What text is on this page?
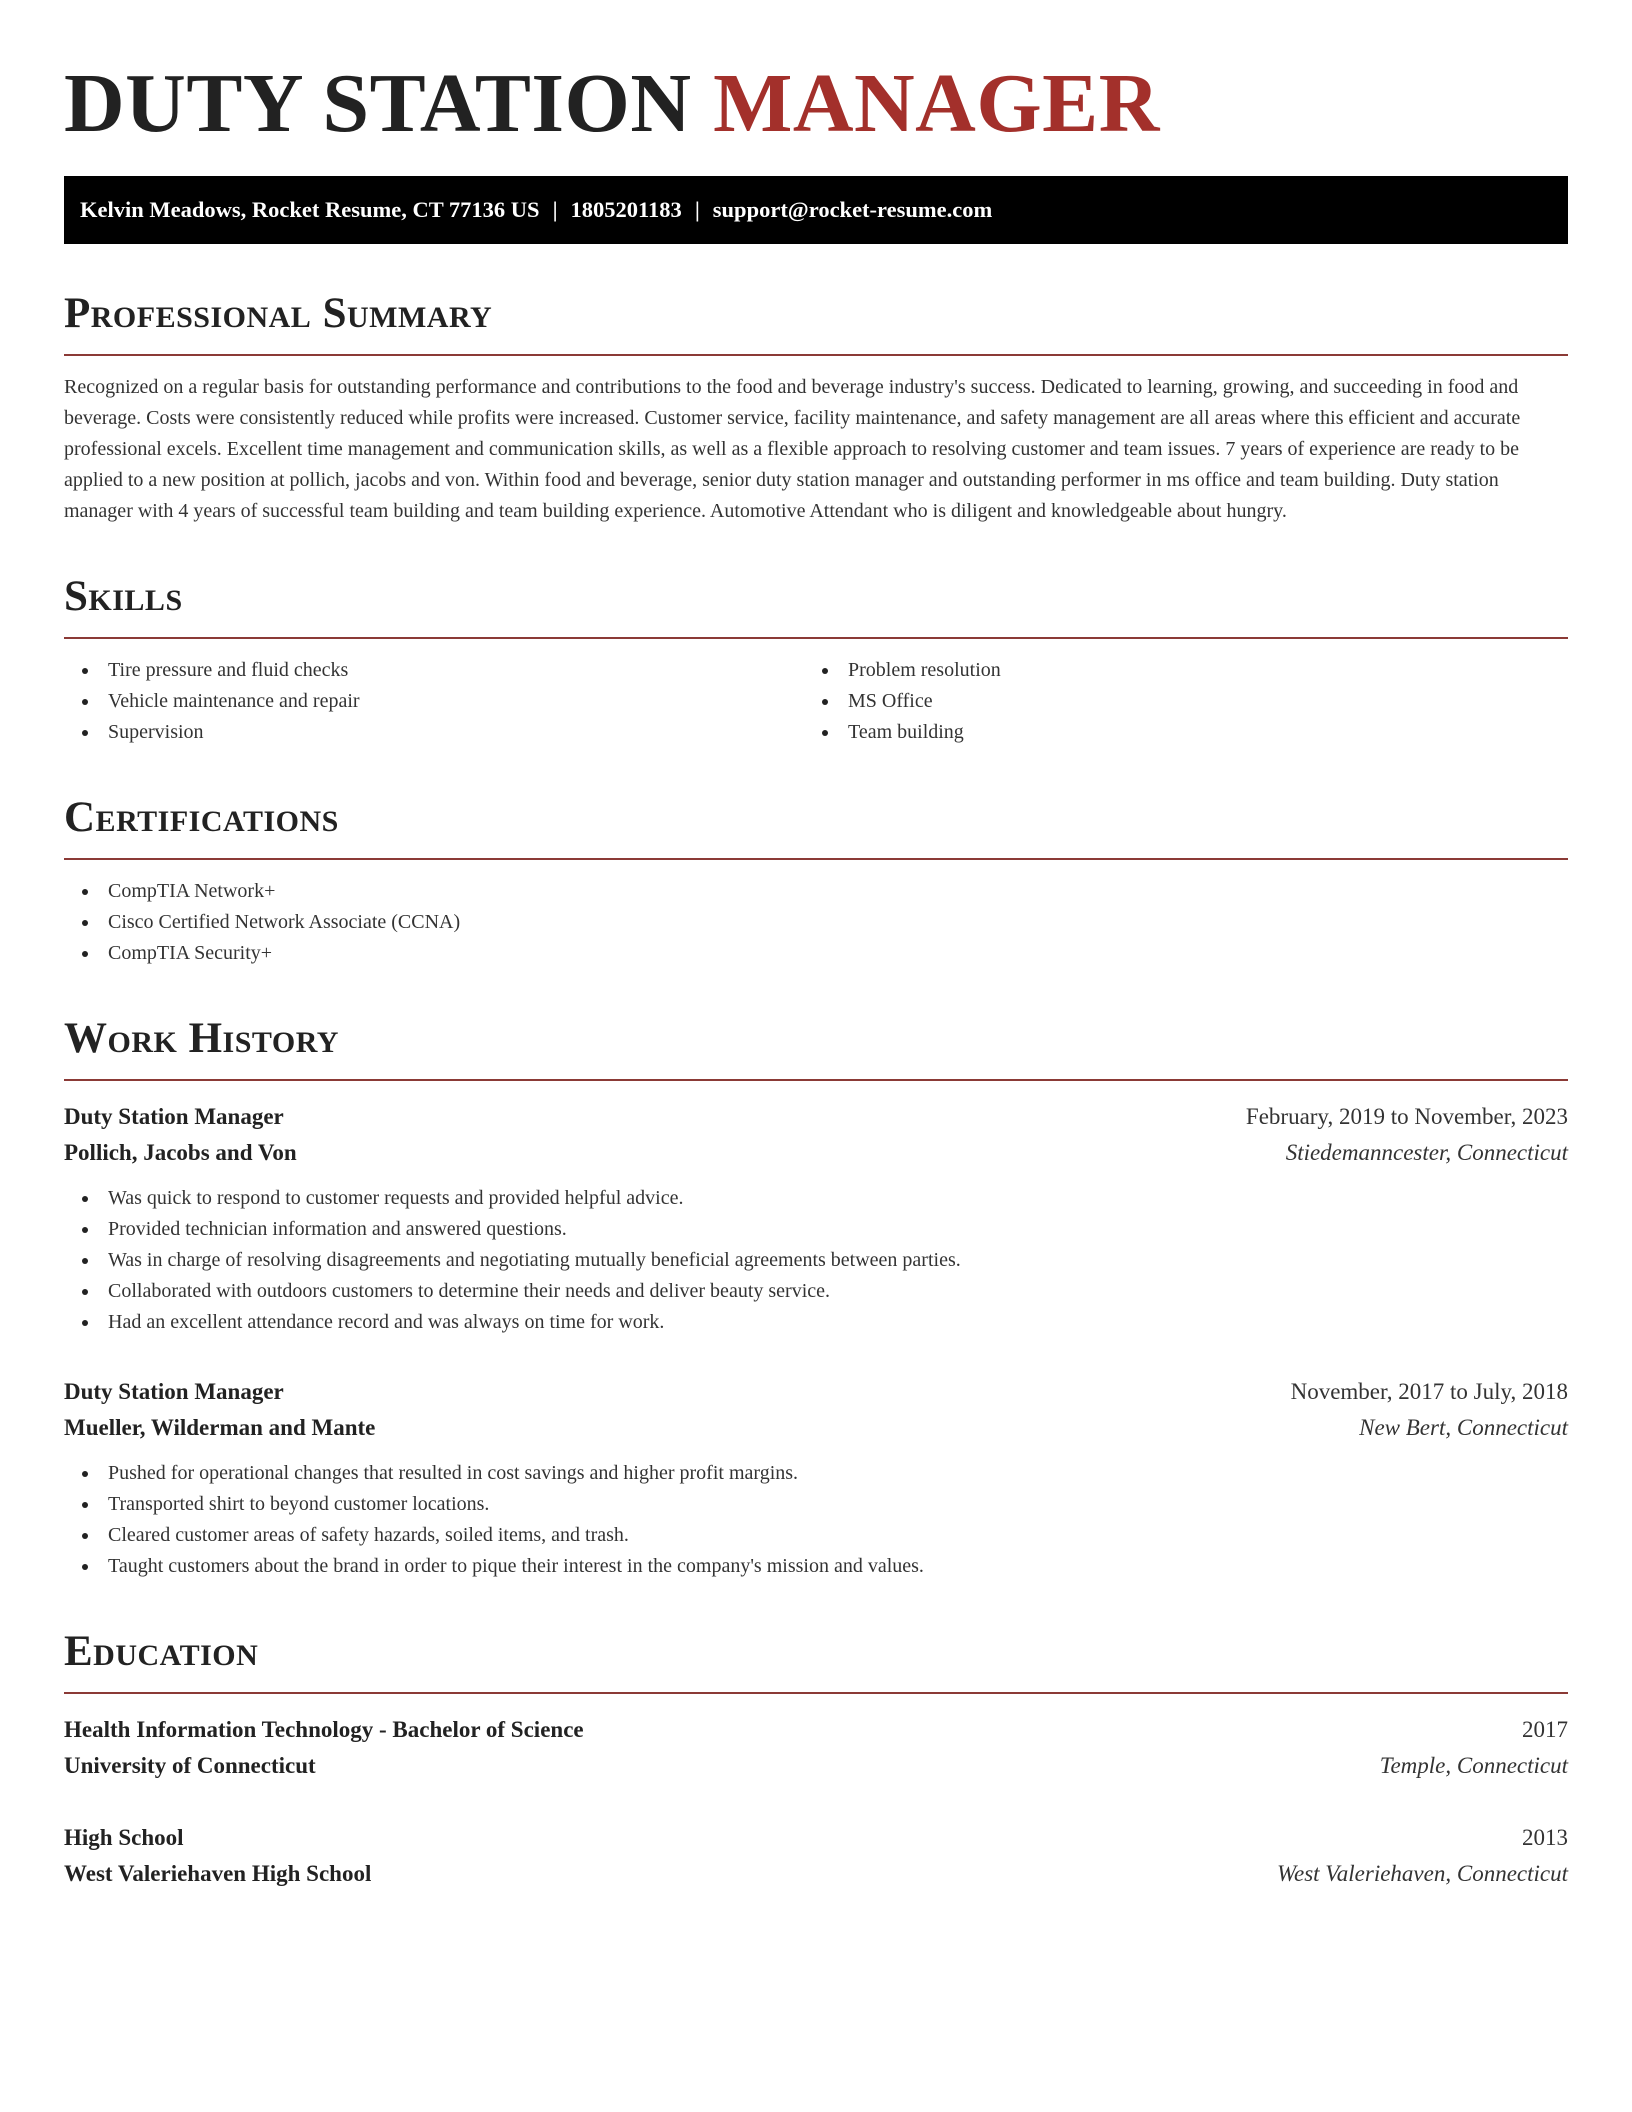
DUTY STATION MANAGER
Kelvin Meadows, Rocket Resume, CT 77136 US | 1805201183 | support@rocket-resume.com
Professional Summary

Recognized on a regular basis for outstanding performance and contributions to the food and beverage industry's success. Dedicated to learning, growing, and succeeding in food and beverage. Costs were consistently reduced while profits were increased. Customer service, facility maintenance, and safety management are all areas where this efficient and accurate professional excels. Excellent time management and communication skills, as well as a flexible approach to resolving customer and team issues. 7 years of experience are ready to be applied to a new position at pollich, jacobs and von. Within food and beverage, senior duty station manager and outstanding performer in ms office and team building. Duty station manager with 4 years of successful team building and team building experience. Automotive Attendant who is diligent and knowledgeable about hungry.

Skills
Tire pressure and fluid checks
Vehicle maintenance and repair
Supervision
Problem resolution
MS Office
Team building
Certifications
CompTIA Network+
Cisco Certified Network Associate (CCNA)
CompTIA Security+
Work History
Duty Station Manager	February, 2019 to November, 2023
Pollich, Jacobs and Von	Stiedemanncester, Connecticut
Was quick to respond to customer requests and provided helpful advice.
Provided technician information and answered questions.
Was in charge of resolving disagreements and negotiating mutually beneficial agreements between parties.
Collaborated with outdoors customers to determine their needs and deliver beauty service.
Had an excellent attendance record and was always on time for work.
Duty Station Manager	November, 2017 to July, 2018
Mueller, Wilderman and Mante	New Bert, Connecticut
Pushed for operational changes that resulted in cost savings and higher profit margins.
Transported shirt to beyond customer locations.
Cleared customer areas of safety hazards, soiled items, and trash.
Taught customers about the brand in order to pique their interest in the company's mission and values.
Education
Health Information Technology - Bachelor of Science	2017
University of Connecticut	Temple, Connecticut
High School	2013
West Valeriehaven High School	West Valeriehaven, Connecticut
